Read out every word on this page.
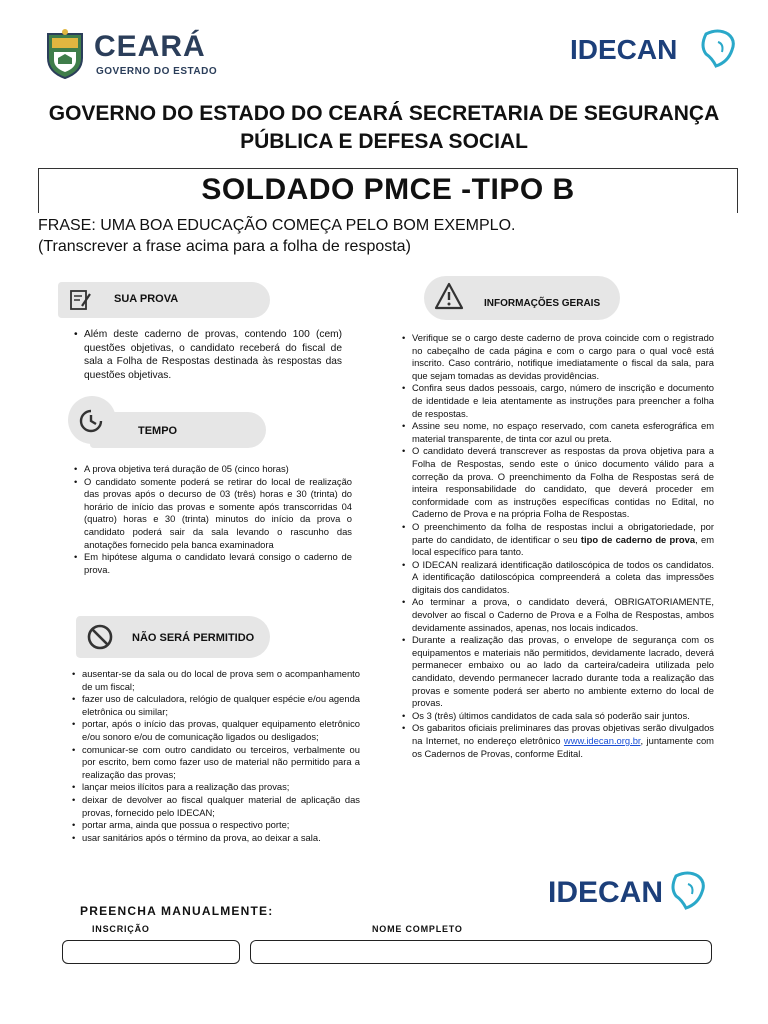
CEARÁ
GOVERNO DO ESTADO
IDECAN
GOVERNO DO ESTADO DO CEARÁ SECRETARIA DE SEGURANÇA PÚBLICA E DEFESA SOCIAL
SOLDADO PMCE -TIPO B
FRASE: UMA BOA EDUCAÇÃO COMEÇA PELO BOM EXEMPLO.
(Transcrever a frase acima para a folha de resposta)
SUA PROVA
• Além deste caderno de provas, contendo 100 (cem) questões objetivas, o candidato receberá do fiscal de sala a Folha de Respostas destinada às respostas das questões objetivas.
TEMPO
• A prova objetiva terá duração de 05 (cinco horas)
• O candidato somente poderá se retirar do local de realização das provas após o decurso de 03 (três) horas e 30 (trinta) do horário de início das provas e somente após transcorridas 04 (quatro) horas e 30 (trinta) minutos do início da prova o candidato poderá sair da sala levando o rascunho das anotações fornecido pela banca examinadora
• Em hipótese alguma o candidato levará consigo o caderno de prova.
NÃO SERÁ PERMITIDO
• ausentar-se da sala ou do local de prova sem o acompanhamento de um fiscal;
• fazer uso de calculadora, relógio de qualquer espécie e/ou agenda eletrônica ou similar;
• portar, após o início das provas, qualquer equipamento eletrônico e/ou sonoro e/ou de comunicação ligados ou desligados;
• comunicar-se com outro candidato ou terceiros, verbalmente ou por escrito, bem como fazer uso de material não permitido para a realização das provas;
• lançar meios ilícitos para a realização das provas;
• deixar de devolver ao fiscal qualquer material de aplicação das provas, fornecido pelo IDECAN;
• portar arma, ainda que possua o respectivo porte;
• usar sanitários após o término da prova, ao deixar a sala.
INFORMAÇÕES GERAIS
• Verifique se o cargo deste caderno de prova coincide com o registrado no cabeçalho de cada página e com o cargo para o qual você está inscrito. Caso contrário, notifique imediatamente o fiscal da sala, para que sejam tomadas as devidas providências.
• Confira seus dados pessoais, cargo, número de inscrição e documento de identidade e leia atentamente as instruções para preencher a folha de respostas.
• Assine seu nome, no espaço reservado, com caneta esferográfica em material transparente, de tinta cor azul ou preta.
• O candidato deverá transcrever as respostas da prova objetiva para a Folha de Respostas, sendo este o único documento válido para a correção da prova. O preenchimento da Folha de Respostas será de inteira responsabilidade do candidato, que deverá proceder em conformidade com as instruções específicas contidas no Edital, no Caderno de Prova e na própria Folha de Respostas.
• O preenchimento da folha de respostas inclui a obrigatoriedade, por parte do candidato, de identificar o seu tipo de caderno de prova, em local específico para tanto.
• O IDECAN realizará identificação datiloscópica de todos os candidatos. A identificação datiloscópica compreenderá a coleta das impressões digitais dos candidatos.
• Ao terminar a prova, o candidato deverá, OBRIGATORIAMENTE, devolver ao fiscal o Caderno de Prova e a Folha de Respostas, ambos devidamente assinados, apenas, nos locais indicados.
• Durante a realização das provas, o envelope de segurança com os equipamentos e materiais não permitidos, devidamente lacrado, deverá permanecer embaixo ou ao lado da carteira/cadeira utilizada pelo candidato, devendo permanecer lacrado durante toda a realização das provas e somente poderá ser aberto no ambiente externo do local de provas.
• Os 3 (três) últimos candidatos de cada sala só poderão sair juntos.
• Os gabaritos oficiais preliminares das provas objetivas serão divulgados na Internet, no endereço eletrônico www.idecan.org.br, juntamente com os Cadernos de Provas, conforme Edital.
IDECAN
PREENCHA MANUALMENTE:
INSCRIÇÃO	NOME COMPLETO
